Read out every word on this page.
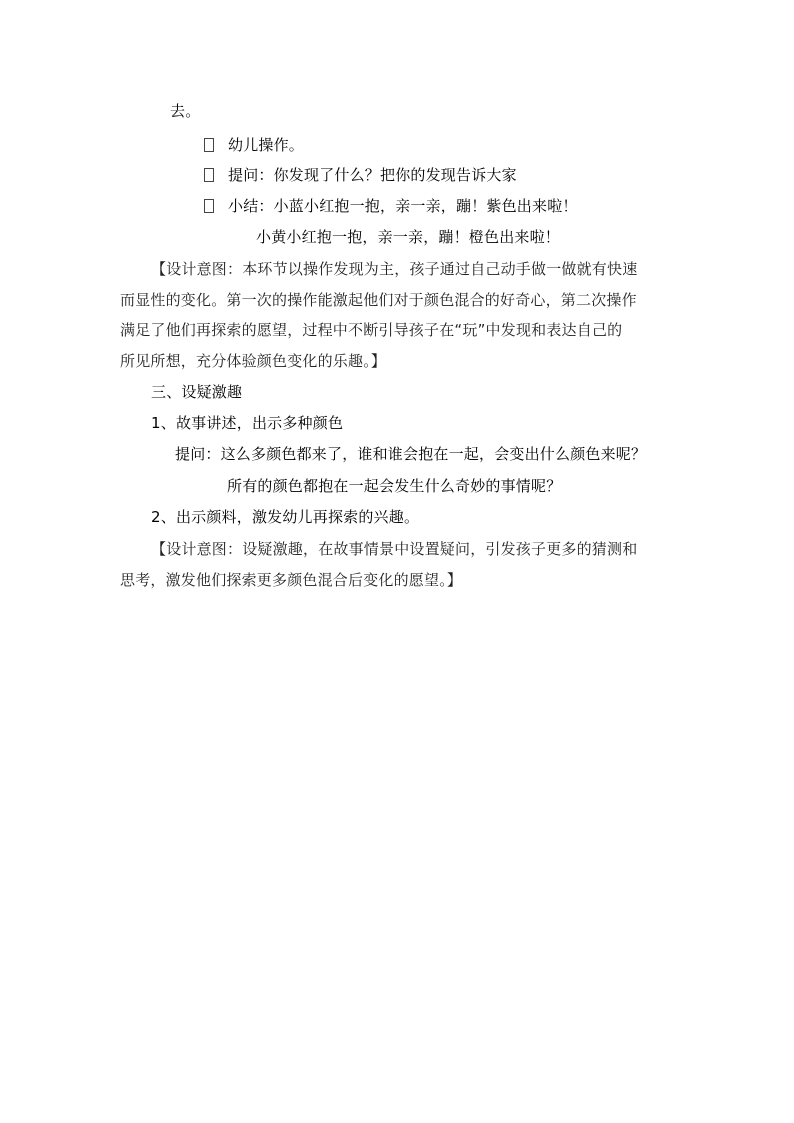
去。
幼儿操作。
提问：你发现了什么？把你的发现告诉大家
小结：小蓝小红抱一抱，亲一亲，蹦！紫色出来啦！
小黄小红抱一抱，亲一亲，蹦！橙色出来啦！
【设计意图：本环节以操作发现为主，孩子通过自己动手做一做就有快速
而显性的变化。第一次的操作能激起他们对于颜色混合的好奇心，第二次操作
满足了他们再探索的愿望，过程中不断引导孩子在“玩”中发现和表达自己的
所见所想，充分体验颜色变化的乐趣。】
三、设疑激趣
1、故事讲述，出示多种颜色
提问：这么多颜色都来了，谁和谁会抱在一起，会变出什么颜色来呢？
所有的颜色都抱在一起会发生什么奇妙的事情呢？
2、出示颜料，激发幼儿再探索的兴趣。
【设计意图：设疑激趣，在故事情景中设置疑问，引发孩子更多的猜测和
思考，激发他们探索更多颜色混合后变化的愿望。】
